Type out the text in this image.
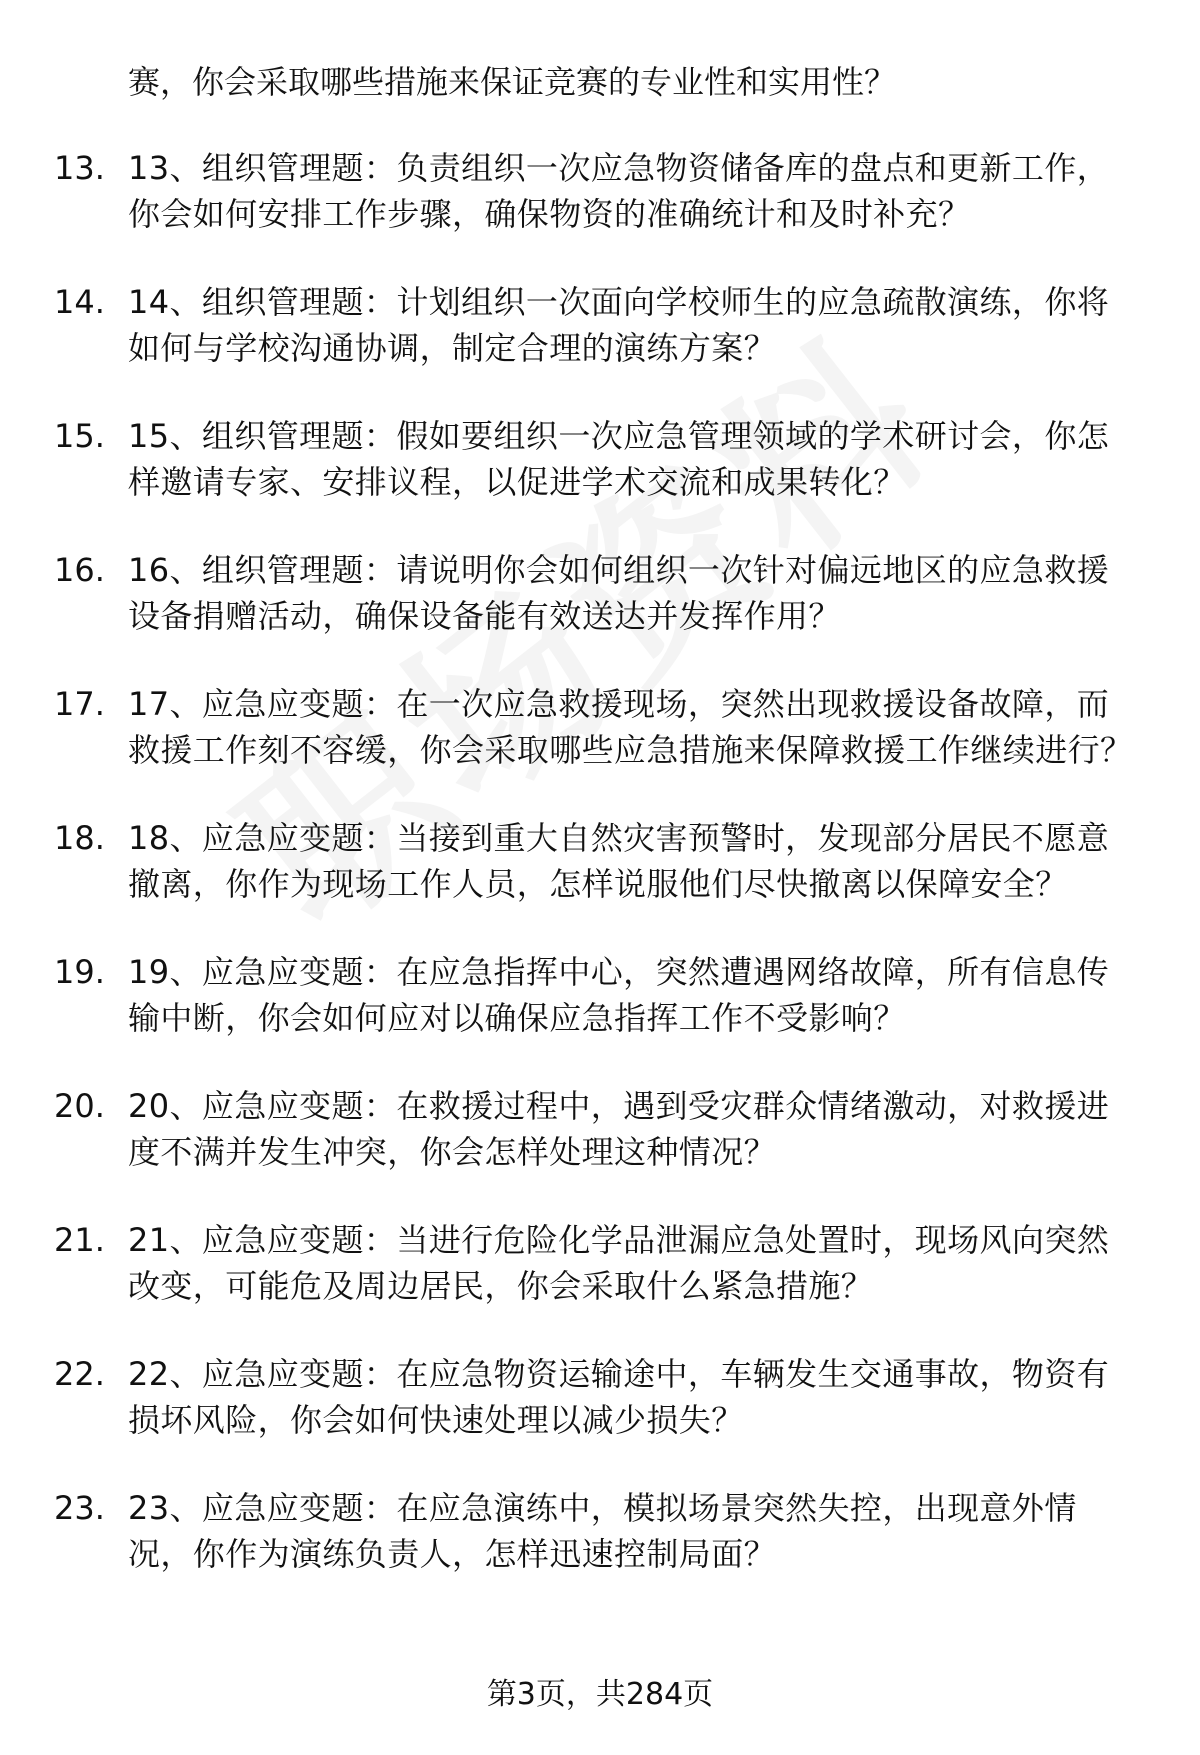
赛，你会采取哪些措施来保证竞赛的专业性和实用性？
13. 13、组织管理题：负责组织一次应急物资储备库的盘点和更新工作，你会如何安排工作步骤，确保物资的准确统计和及时补充？
14. 14、组织管理题：计划组织一次面向学校师生的应急疏散演练，你将如何与学校沟通协调，制定合理的演练方案？
15. 15、组织管理题：假如要组织一次应急管理领域的学术研讨会，你怎样邀请专家、安排议程，以促进学术交流和成果转化？
16. 16、组织管理题：请说明你会如何组织一次针对偏远地区的应急救援设备捐赠活动，确保设备能有效送达并发挥作用？
17. 17、应急应变题：在一次应急救援现场，突然出现救援设备故障，而救援工作刻不容缓，你会采取哪些应急措施来保障救援工作继续进行？
18. 18、应急应变题：当接到重大自然灾害预警时，发现部分居民不愿意撤离，你作为现场工作人员，怎样说服他们尽快撤离以保障安全？
19. 19、应急应变题：在应急指挥中心，突然遭遇网络故障，所有信息传输中断，你会如何应对以确保应急指挥工作不受影响？
20. 20、应急应变题：在救援过程中，遇到受灾群众情绪激动，对救援进度不满并发生冲突，你会怎样处理这种情况？
21. 21、应急应变题：当进行危险化学品泄漏应急处置时，现场风向突然改变，可能危及周边居民，你会采取什么紧急措施？
22. 22、应急应变题：在应急物资运输途中，车辆发生交通事故，物资有损坏风险，你会如何快速处理以减少损失？
23. 23、应急应变题：在应急演练中，模拟场景突然失控，出现意外情况，你作为演练负责人，怎样迅速控制局面？
第3页，共284页
